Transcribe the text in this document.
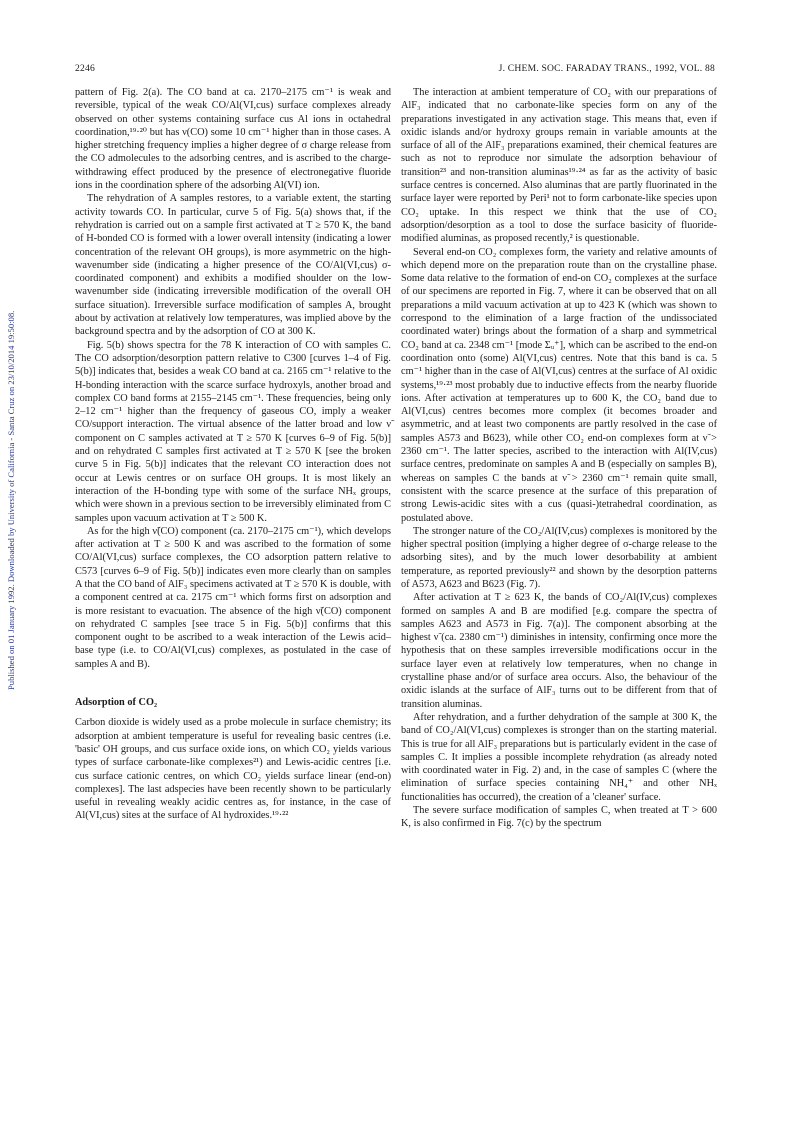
2246	J. CHEM. SOC. FARADAY TRANS., 1992, VOL. 88
Published on 01 January 1992. Downloaded by University of California - Santa Cruz on 23/10/2014 19:50:08.

pattern of Fig. 2(a). The CO band at ca. 2170–2175 cm⁻¹ is weak and reversible, typical of the weak CO/Al(VI,cus) surface complexes already observed on other systems containing surface cus Al ions in octahedral coordination,¹⁹·²⁰ but has ν(CO) some 10 cm⁻¹ higher than in those cases. A higher stretching frequency implies a higher degree of σ charge release from the CO admolecules to the adsorbing centres, and is ascribed to the charge-withdrawing effect produced by the presence of electronegative fluoride ions in the coordination sphere of the adsorbing Al(VI) ion.

The rehydration of A samples restores, to a variable extent, the starting activity towards CO. In particular, curve 5 of Fig. 5(a) shows that, if the rehydration is carried out on a sample first activated at T ≥ 570 K, the band of H-bonded CO is formed with a lower overall intensity (indicating a lower concentration of the relevant OH groups), is more asymmetric on the high-wavenumber side (indicating a higher presence of the CO/Al(VI,cus) σ-coordinated component) and exhibits a modified shoulder on the low-wavenumber side (indicating irreversible modification of the overall OH surface situation). Irreversible surface modification of samples A, brought about by activation at relatively low temperatures, was implied above by the background spectra and by the adsorption of CO at 300 K.

Fig. 5(b) shows spectra for the 78 K interaction of CO with samples C. The CO adsorption/desorption pattern relative to C300 [curves 1–4 of Fig. 5(b)] indicates that, besides a weak CO band at ca. 2165 cm⁻¹ relative to the H-bonding interaction with the scarce surface hydroxyls, another broad and complex CO band forms at 2155–2145 cm⁻¹. These frequencies, being only 2–12 cm⁻¹ higher than the frequency of gaseous CO, imply a weaker CO/support interaction. The virtual absence of the latter broad and low ν̃ component on C samples activated at T ≥ 570 K [curves 6–9 of Fig. 5(b)] and on rehydrated C samples first activated at T ≥ 570 K [see the broken curve 5 in Fig. 5(b)] indicates that the relevant CO interaction does not occur at Lewis centres or on surface OH groups. It is most likely an interaction of the H-bonding type with some of the surface NHₓ groups, which were shown in a previous section to be irreversibly eliminated from C samples upon vacuum activation at T ≥ 500 K.

As for the high ν̃(CO) component (ca. 2170–2175 cm⁻¹), which develops after activation at T ≥ 500 K and was ascribed to the formation of some CO/Al(VI,cus) surface complexes, the CO adsorption pattern relative to C573 [curves 6–9 of Fig. 5(b)] indicates even more clearly than on samples A that the CO band of AlF₃ specimens activated at T ≥ 570 K is double, with a component centred at ca. 2175 cm⁻¹ which forms first on adsorption and is more resistant to evacuation. The absence of the high ν̃(CO) component on rehydrated C samples [see trace 5 in Fig. 5(b)] confirms that this component ought to be ascribed to a weak interaction of the Lewis acid–base type (i.e. to CO/Al(VI,cus) complexes, as postulated in the case of samples A and B).

Adsorption of CO₂

Carbon dioxide is widely used as a probe molecule in surface chemistry; its adsorption at ambient temperature is useful for revealing basic centres (i.e. 'basic' OH groups, and cus surface oxide ions, on which CO₂ yields various types of surface carbonate-like complexes²¹) and Lewis-acidic centres [i.e. cus surface cationic centres, on which CO₂ yields surface linear (end-on) complexes]. The last adspecies have been recently shown to be particularly useful in revealing weakly acidic centres as, for instance, in the case of Al(VI,cus) sites at the surface of Al hydroxides.¹⁹·²²

The interaction at ambient temperature of CO₂ with our preparations of AlF₃ indicated that no carbonate-like species form on any of the preparations investigated in any activation stage. This means that, even if oxidic islands and/or hydroxy groups remain in variable amounts at the surface of all of the AlF₃ preparations examined, their chemical features are such as not to reproduce nor simulate the adsorption behaviour of transition²³ and non-transition aluminas¹⁹·²⁴ as far as the activity of basic surface centres is concerned. Also aluminas that are partly fluorinated in the surface layer were reported by Peri¹ not to form carbonate-like species upon CO₂ uptake. In this respect we think that the use of CO₂ adsorption/desorption as a tool to dose the surface basicity of fluoride-modified aluminas, as proposed recently,² is questionable.

Several end-on CO₂ complexes form, the variety and relative amounts of which depend more on the preparation route than on the crystalline phase. Some data relative to the formation of end-on CO₂ complexes at the surface of our specimens are reported in Fig. 7, where it can be observed that on all preparations a mild vacuum activation at up to 423 K (which was shown to correspond to the elimination of a large fraction of the undissociated coordinated water) brings about the formation of a sharp and symmetrical CO₂ band at ca. 2348 cm⁻¹ [mode Σᵤ⁺], which can be ascribed to the end-on coordination onto (some) Al(VI,cus) centres. Note that this band is ca. 5 cm⁻¹ higher than in the case of Al(VI,cus) centres at the surface of Al oxidic systems,¹⁹·²³ most probably due to inductive effects from the nearby fluoride ions. After activation at temperatures up to 600 K, the CO₂ band due to Al(VI,cus) centres becomes more complex (it becomes broader and asymmetric, and at least two components are partly resolved in the case of samples A573 and B623), while other CO₂ end-on complexes form at ν̃ > 2360 cm⁻¹. The latter species, ascribed to the interaction with Al(IV,cus) surface centres, predominate on samples A and B (especially on samples B), whereas on samples C the bands at ν̃ > 2360 cm⁻¹ remain quite small, consistent with the scarce presence at the surface of this preparation of strong Lewis-acidic sites with a cus (quasi-)tetrahedral coordination, as postulated above.

The stronger nature of the CO₂/Al(IV,cus) complexes is monitored by the higher spectral position (implying a higher degree of σ-charge release to the adsorbing sites), and by the much lower desorbability at ambient temperature, as reported previously²² and shown by the desorption patterns of A573, A623 and B623 (Fig. 7).

After activation at T ≥ 623 K, the bands of CO₂/Al(IV,cus) complexes formed on samples A and B are modified [e.g. compare the spectra of samples A623 and A573 in Fig. 7(a)]. The component absorbing at the highest ν̃ (ca. 2380 cm⁻¹) diminishes in intensity, confirming once more the hypothesis that on these samples irreversible modifications occur in the surface layer even at relatively low temperatures, when no change in crystalline phase and/or of surface area occurs. Also, the behaviour of the oxidic islands at the surface of AlF₃ turns out to be different from that of transition aluminas.

After rehydration, and a further dehydration of the sample at 300 K, the band of CO₂/Al(VI,cus) complexes is stronger than on the starting material. This is true for all AlF₃ preparations but is particularly evident in the case of samples C. It implies a possible incomplete rehydration (as already noted with coordinated water in Fig. 2) and, in the case of samples C (where the elimination of surface species containing NH₄⁺ and other NHₓ functionalities has occurred), the creation of a 'cleaner' surface.

The severe surface modification of samples C, when treated at T > 600 K, is also confirmed in Fig. 7(c) by the spectrum
